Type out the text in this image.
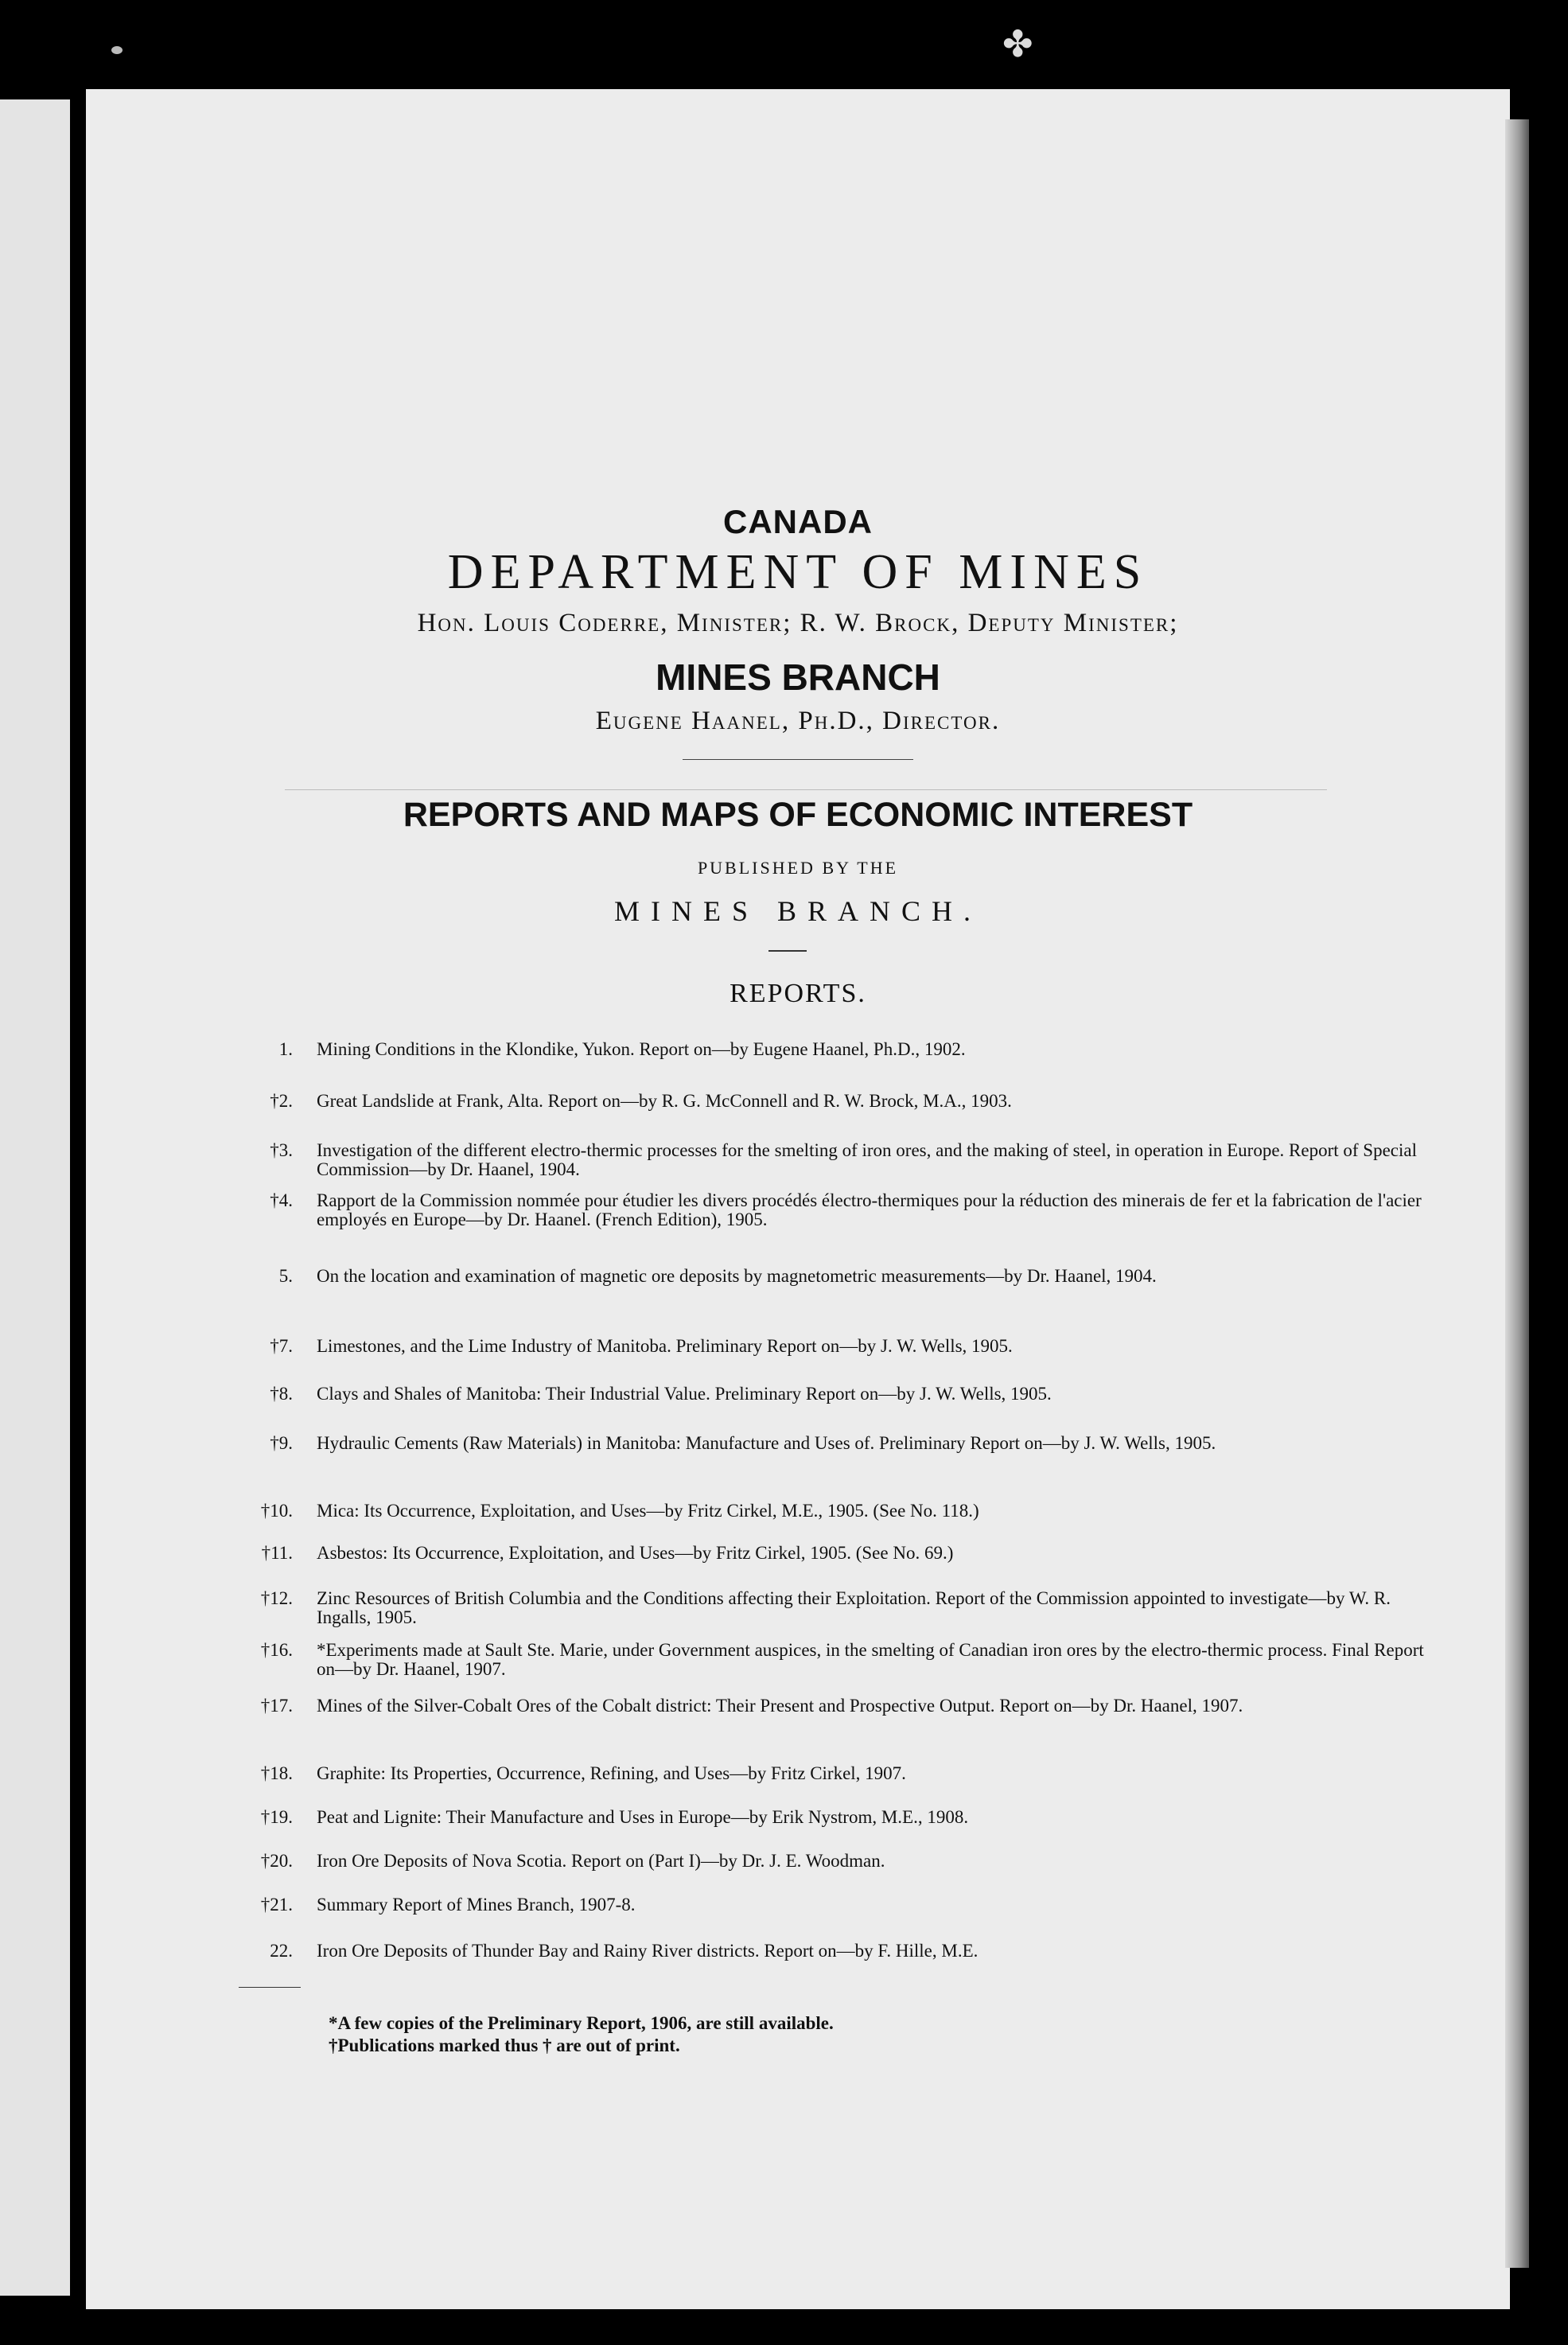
✤
CANADA
DEPARTMENT OF MINES
Hon. Louis Coderre, Minister; R. W. Brock, Deputy Minister;
MINES BRANCH
Eugene Haanel, Ph.D., Director.
REPORTS AND MAPS OF ECONOMIC INTEREST
PUBLISHED BY THE
MINES BRANCH.
REPORTS.
1. Mining Conditions in the Klondike, Yukon. Report on—by Eugene Haanel, Ph.D., 1902.
†2. Great Landslide at Frank, Alta. Report on—by R. G. McConnell and R. W. Brock, M.A., 1903.
†3. Investigation of the different electro-thermic processes for the smelting of iron ores, and the making of steel, in operation in Europe. Report of Special Commission—by Dr. Haanel, 1904.
†4. Rapport de la Commission nommée pour étudier les divers procédés électro-thermiques pour la réduction des minerais de fer et la fabrication de l'acier employés en Europe—by Dr. Haanel. (French Edition), 1905.
5. On the location and examination of magnetic ore deposits by magnetometric measurements—by Dr. Haanel, 1904.
†7. Limestones, and the Lime Industry of Manitoba. Preliminary Report on—by J. W. Wells, 1905.
†8. Clays and Shales of Manitoba: Their Industrial Value. Preliminary Report on—by J. W. Wells, 1905.
†9. Hydraulic Cements (Raw Materials) in Manitoba: Manufacture and Uses of. Preliminary Report on—by J. W. Wells, 1905.
†10. Mica: Its Occurrence, Exploitation, and Uses—by Fritz Cirkel, M.E., 1905. (See No. 118.)
†11. Asbestos: Its Occurrence, Exploitation, and Uses—by Fritz Cirkel, 1905. (See No. 69.)
†12. Zinc Resources of British Columbia and the Conditions affecting their Exploitation. Report of the Commission appointed to investigate—by W. R. Ingalls, 1905.
†16. *Experiments made at Sault Ste. Marie, under Government auspices, in the smelting of Canadian iron ores by the electro-thermic process. Final Report on—by Dr. Haanel, 1907.
†17. Mines of the Silver-Cobalt Ores of the Cobalt district: Their Present and Prospective Output. Report on—by Dr. Haanel, 1907.
†18. Graphite: Its Properties, Occurrence, Refining, and Uses—by Fritz Cirkel, 1907.
†19. Peat and Lignite: Their Manufacture and Uses in Europe—by Erik Nystrom, M.E., 1908.
†20. Iron Ore Deposits of Nova Scotia. Report on (Part I)—by Dr. J. E. Woodman.
†21. Summary Report of Mines Branch, 1907-8.
22. Iron Ore Deposits of Thunder Bay and Rainy River districts. Report on—by F. Hille, M.E.
*A few copies of the Preliminary Report, 1906, are still available.
†Publications marked thus † are out of print.
